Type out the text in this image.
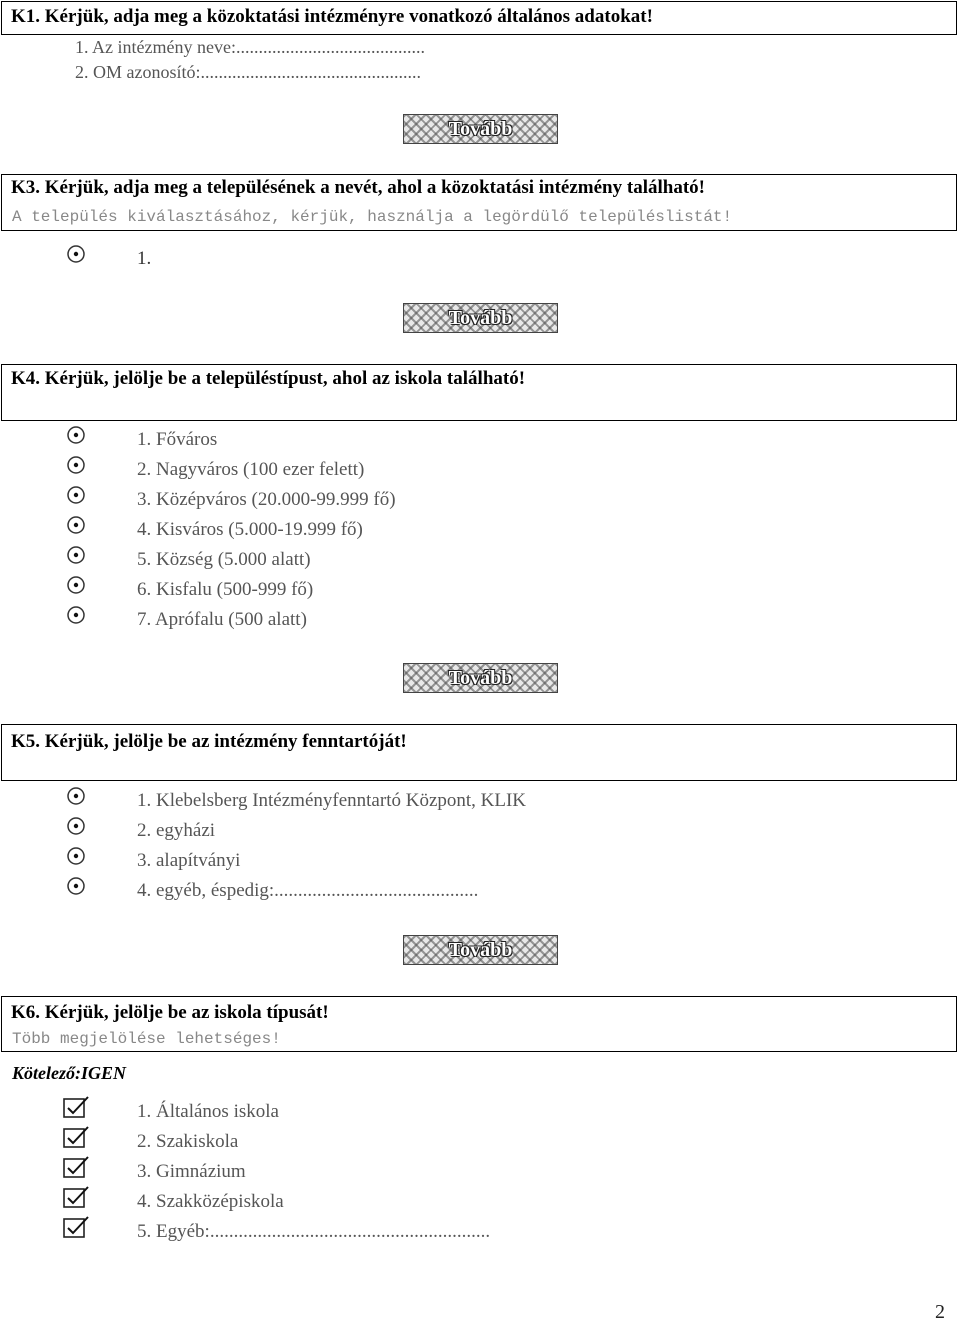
K1. Kérjük, adja meg a közoktatási intézményre vonatkozó általános adatokat!
1. Az intézmény neve:..........................................
2. OM azonosító:.................................................
Tovább
K3. Kérjük, adja meg a településének a nevét, ahol a közoktatási intézmény található!
A település kiválasztásához, kérjük, használja a legördülő településlistát!
1.
Tovább
K4. Kérjük, jelölje be a településtípust, ahol az iskola található!
1. Főváros
2. Nagyváros (100 ezer felett)
3. Középváros (20.000-99.999 fő)
4. Kisváros (5.000-19.999 fő)
5. Község (5.000 alatt)
6. Kisfalu (500-999 fő)
7. Aprófalu (500 alatt)
Tovább
K5. Kérjük, jelölje be az intézmény fenntartóját!
1. Klebelsberg Intézményfenntartó Központ, KLIK
2. egyházi
3. alapítványi
4. egyéb, éspedig:...........................................
Tovább
K6. Kérjük, jelölje be az iskola típusát!
Több megjelölése lehetséges!
Kötelező:IGEN
1. Általános iskola
2. Szakiskola
3. Gimnázium
4. Szakközépiskola
5. Egyéb:...........................................................
2
